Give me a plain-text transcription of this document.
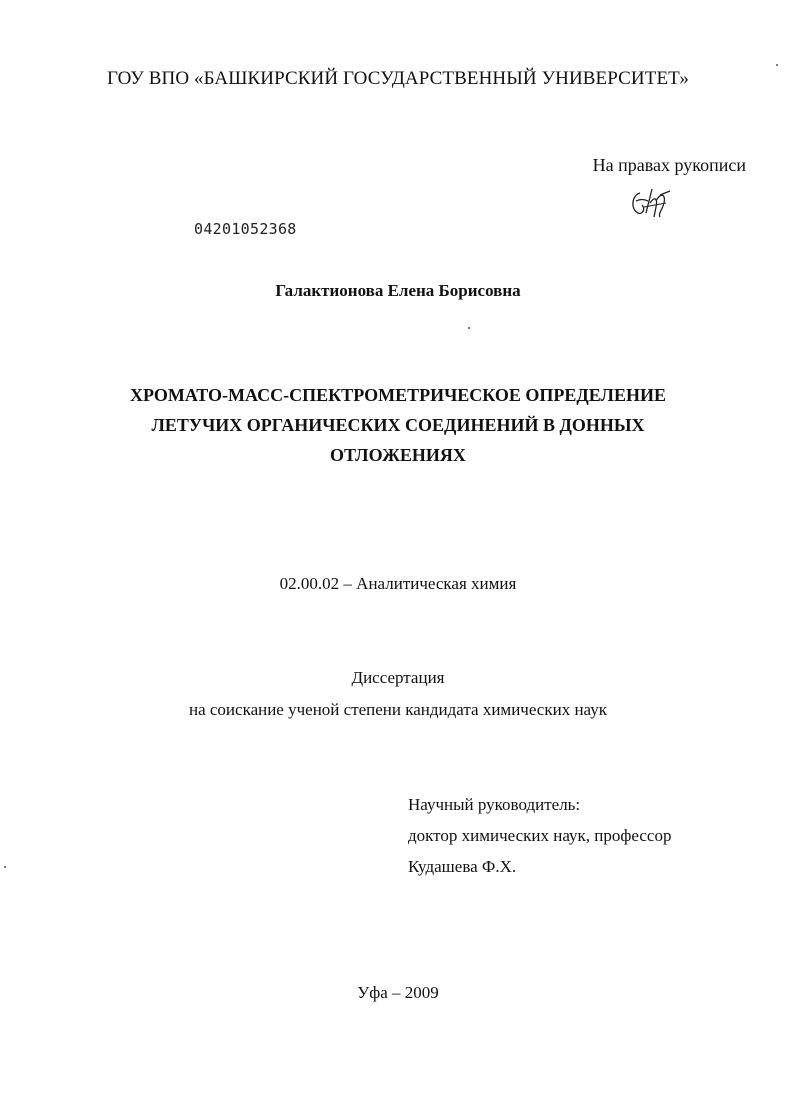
ГОУ ВПО «БАШКИРСКИЙ ГОСУДАРСТВЕННЫЙ УНИВЕРСИТЕТ»
На правах рукописи
04201052368
Галактионова Елена Борисовна
ХРОМАТО-МАСС-СПЕКТРОМЕТРИЧЕСКОЕ ОПРЕДЕЛЕНИЕ
ЛЕТУЧИХ ОРГАНИЧЕСКИХ СОЕДИНЕНИЙ В ДОННЫХ
ОТЛОЖЕНИЯХ
02.00.02 – Аналитическая химия
Диссертация
на соискание ученой степени кандидата химических наук
Научный руководитель:
доктор химических наук, профессор
Кудашева Ф.Х.
Уфа – 2009
